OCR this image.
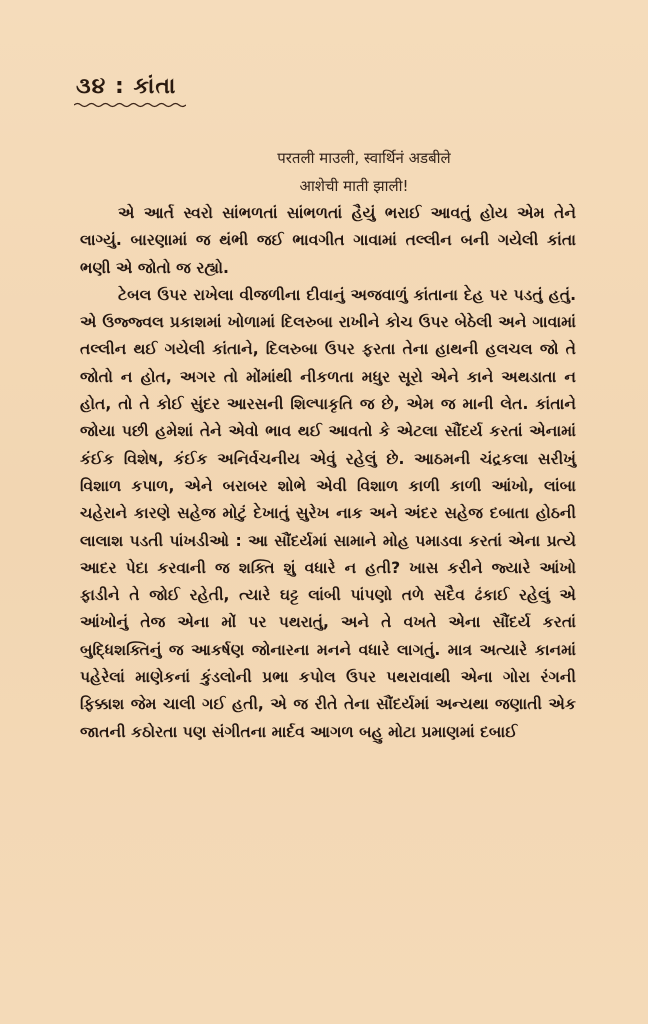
૩૪ : કાંતા
परतली माउली, स्वार्थिनं अडबीले
आशेची माती झाली!

એ આર્ત સ્વરો સાંભળતાં સાંભળતાં હૈયું ભરાઈ આવતું હોય એમ તેને લાગ્યું. બારણામાં જ થંભી જઈ ભાવગીત ગાવામાં તલ્લીન બની ગયેલી કાંતા ભણી એ જોતો જ રહ્યો.

ટેબલ ઉપર રાખેલા વીજળીના દીવાનું અજવાળું કાંતાના દેહ પર પડતું હતું. એ ઉજ્જ્વલ પ્રકાશમાં ખોળામાં દિલરુબા રાખીને કોચ ઉપર બેઠેલી અને ગાવામાં તલ્લીન થઈ ગયેલી કાંતાને, દિલરુબા ઉપર ફરતા તેના હાથની હલચલ જો તે જોતો ન હોત, અગર તો મોંમાંથી નીકળતા મધુર સૂરો એને કાને અથડાતા ન હોત, તો તે કોઈ સુંદર આરસની શિલ્પાકૃતિ જ છે, એમ જ માની લેત. કાંતાને જોયા પછી હમેશાં તેને એવો ભાવ થઈ આવતો કે એટલા સૌંદર્ય કરતાં એનામાં કંઈક વિશેષ, કંઈક અનિર્વચનીય એવું રહેલું છે. આઠમની ચંદ્રકલા સરીખું વિશાળ કપાળ, એને બરાબર શોભે એવી વિશાળ કાળી કાળી આંખો, લાંબા ચહેરાને કારણે સહેજ મોટું દેખાતું સુરેખ નાક અને અંદર સહેજ દબાતા હોઠની લાલાશ પડતી પાંખડીઓ : આ સૌંદર્યમાં સામાને મોહ પમાડવા કરતાં એના પ્રત્યે આદર પેદા કરવાની જ શક્તિ શું વધારે ન હતી? ખાસ કરીને જ્યારે આંખો ફાડીને તે જોઈ રહેતી, ત્યારે ઘટ્ટ લાંબી પાંપણો તળે સદૈવ ઢંકાઈ રહેલું એ આંખોનું તેજ એના મોં પર પથરાતું, અને તે વખતે એના સૌંદર્ય કરતાં બુદ્ધિશક્તિનું જ આકર્ષણ જોનારના મનને વધારે લાગતું. માત્ર અત્યારે કાનમાં પહેરેલાં માણેકનાં કુંડલોની પ્રભા કપોલ ઉપર પથરાવાથી એના ગોરા રંગની ફિક્કાશ જેમ ચાલી ગઈ હતી, એ જ રીતે તેના સૌંદર્યમાં અન્યથા જણાતી એક જાતની કઠોરતા પણ સંગીતના માર્દવ આગળ બહુ મોટા પ્રમાણમાં દબાઈ
